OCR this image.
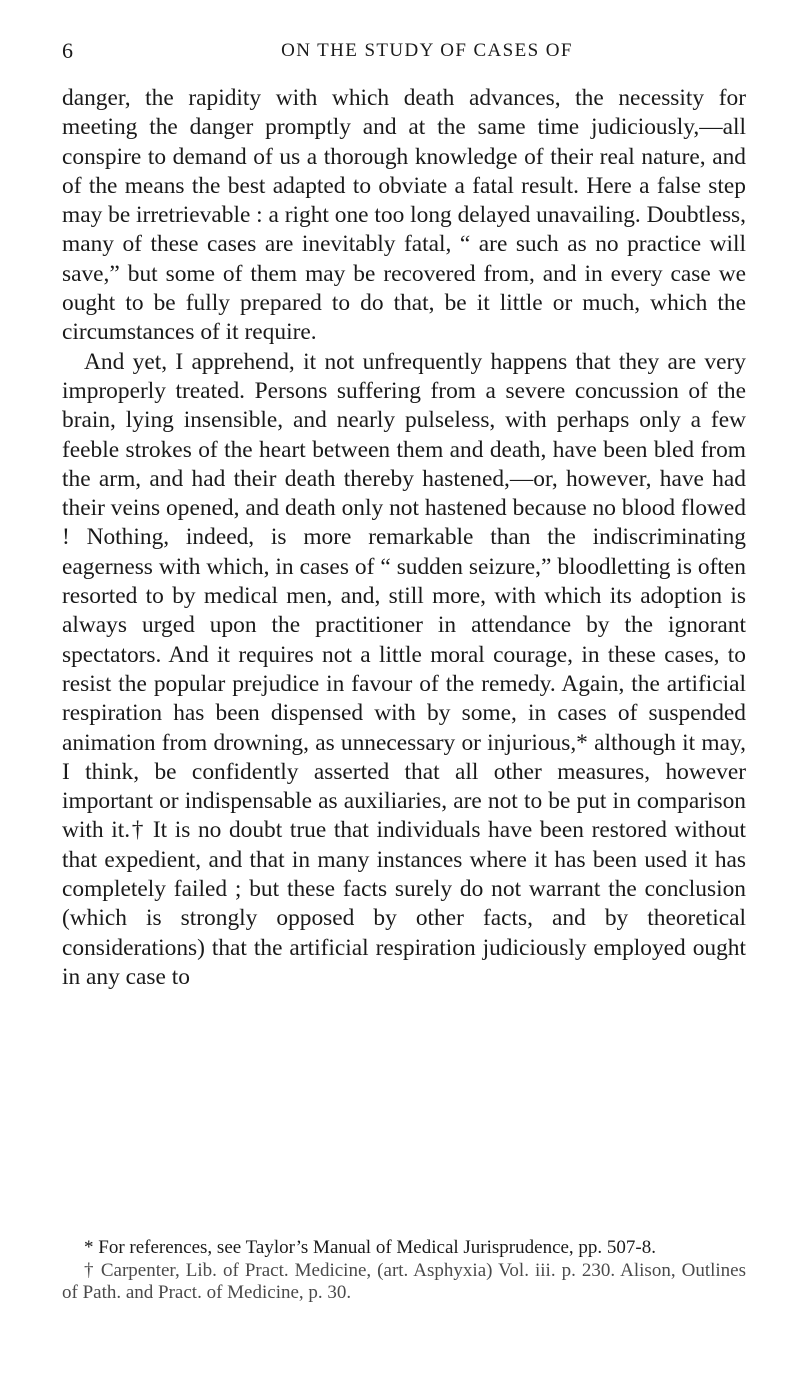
6	ON THE STUDY OF CASES OF

danger, the rapidity with which death advances, the necessity for meeting the danger promptly and at the same time judiciously,—all conspire to demand of us a thorough knowledge of their real nature, and of the means the best adapted to obviate a fatal result. Here a false step may be irretrievable : a right one too long delayed unavailing. Doubtless, many of these cases are inevitably fatal, “ are such as no practice will save,” but some of them may be recovered from, and in every case we ought to be fully prepared to do that, be it little or much, which the circumstances of it require.

And yet, I apprehend, it not unfrequently happens that they are very improperly treated. Persons suffering from a severe concussion of the brain, lying insensible, and nearly pulseless, with perhaps only a few feeble strokes of the heart between them and death, have been bled from the arm, and had their death thereby hastened,—or, however, have had their veins opened, and death only not hastened because no blood flowed ! Nothing, indeed, is more remarkable than the indiscriminating eagerness with which, in cases of “ sudden seizure,” bloodletting is often resorted to by medical men, and, still more, with which its adoption is always urged upon the practitioner in attendance by the ignorant spectators. And it requires not a little moral courage, in these cases, to resist the popular prejudice in favour of the remedy. Again, the artificial respiration has been dispensed with by some, in cases of suspended animation from drowning, as unnecessary or injurious,* although it may, I think, be confidently asserted that all other measures, however important or indispensable as auxiliaries, are not to be put in comparison with it.† It is no doubt true that individuals have been restored without that expedient, and that in many instances where it has been used it has completely failed ; but these facts surely do not warrant the conclusion (which is strongly opposed by other facts, and by theoretical considerations) that the artificial respiration judiciously employed ought in any case to

* For references, see Taylor’s Manual of Medical Jurisprudence, pp. 507-8.

† Carpenter, Lib. of Pract. Medicine, (art. Asphyxia) Vol. iii. p. 230. Alison, Outlines of Path. and Pract. of Medicine, p. 30.
